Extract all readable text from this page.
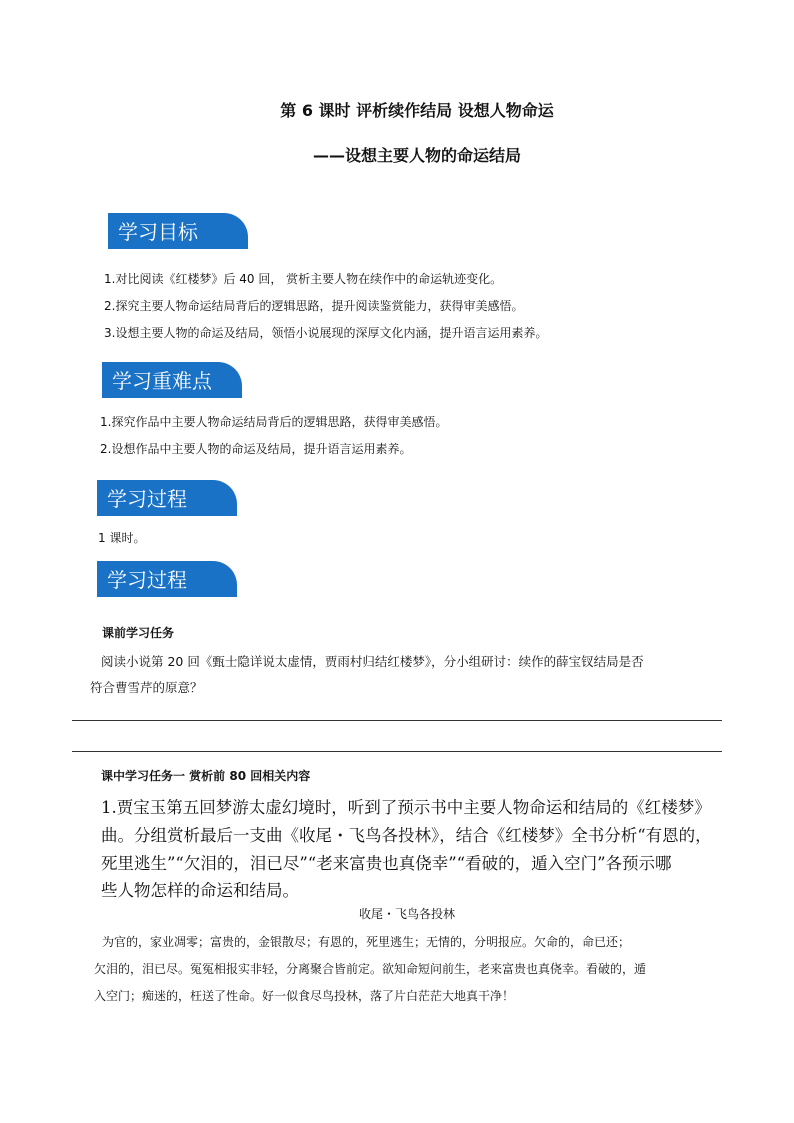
第 6 课时 评析续作结局 设想人物命运
——设想主要人物的命运结局
学习目标
1.对比阅读《红楼梦》后 40 回， 赏析主要人物在续作中的命运轨迹变化。
2.探究主要人物命运结局背后的逻辑思路，提升阅读鉴赏能力，获得审美感悟。
3.设想主要人物的命运及结局，领悟小说展现的深厚文化内涵，提升语言运用素养。
学习重难点
1.探究作品中主要人物命运结局背后的逻辑思路，获得审美感悟。
2.设想作品中主要人物的命运及结局，提升语言运用素养。
学习过程
1 课时。
学习过程
课前学习任务
阅读小说第 20 回《甄士隐详说太虚情，贾雨村归结红楼梦》，分小组研讨：续作的薛宝钗结局是否
符合曹雪芹的原意？
课中学习任务一 赏析前 80 回相关内容
1.贾宝玉第五回梦游太虚幻境时，听到了预示书中主要人物命运和结局的《红楼梦》
曲。分组赏析最后一支曲《收尾・飞鸟各投林》，结合《红楼梦》全书分析“有恩的，
死里逃生”“欠泪的，泪已尽”“老来富贵也真侥幸”“看破的，遁入空门”各预示哪
些人物怎样的命运和结局。
收尾・飞鸟各投林
为官的，家业凋零；富贵的，金银散尽；有恩的，死里逃生；无情的，分明报应。欠命的，命已还；
欠泪的，泪已尽。冤冤相报实非轻，分离聚合皆前定。欲知命短问前生，老来富贵也真侥幸。看破的，遁
入空门；痴迷的，枉送了性命。好一似食尽鸟投林，落了片白茫茫大地真干净！
